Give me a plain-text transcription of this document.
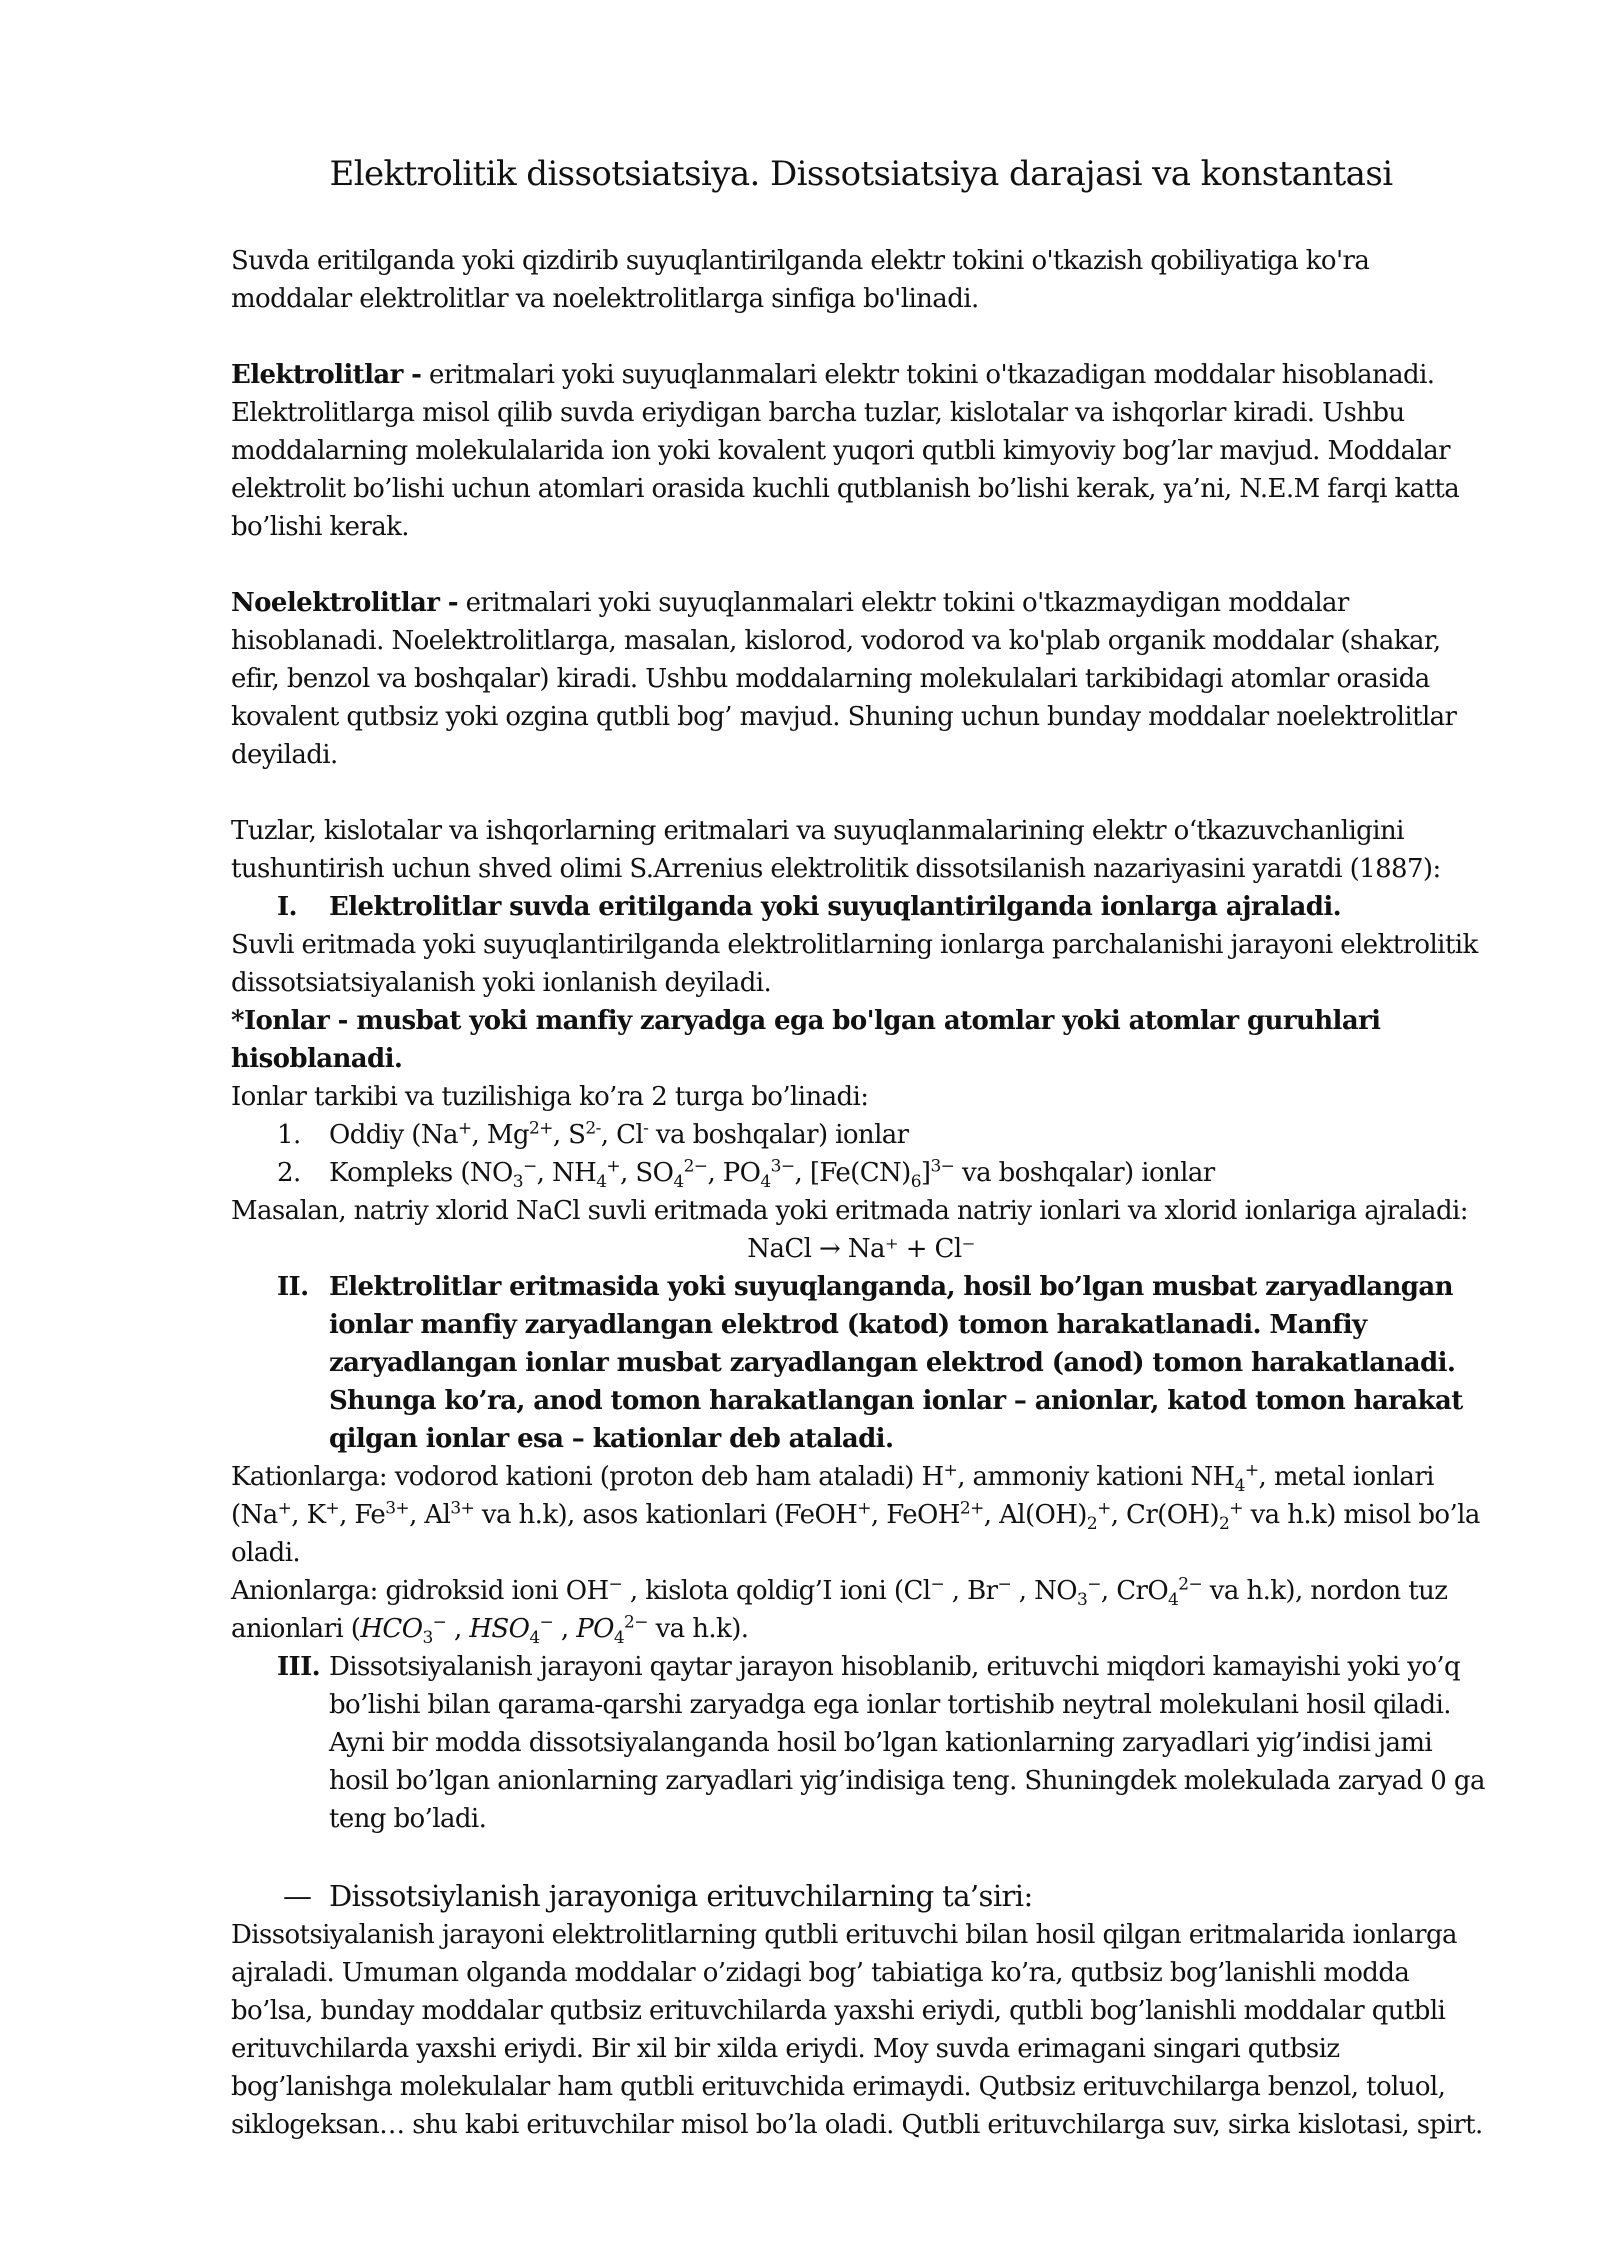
Elektrolitik dissotsiatsiya. Dissotsiatsiya darajasi va konstantasi

Suvda eritilganda yoki qizdirib suyuqlantirilganda elektr tokini o'tkazish qobiliyatiga ko'ra moddalar elektrolitlar va noelektrolitlarga sinfiga bo'linadi.

Elektrolitlar - eritmalari yoki suyuqlanmalari elektr tokini o'tkazadigan moddalar hisoblanadi. Elektrolitlarga misol qilib suvda eriydigan barcha tuzlar, kislotalar va ishqorlar kiradi. Ushbu moddalarning molekulalarida ion yoki kovalent yuqori qutbli kimyoviy bog’lar mavjud. Moddalar elektrolit bo’lishi uchun atomlari orasida kuchli qutblanish bo’lishi kerak, ya’ni, N.E.M farqi katta bo’lishi kerak.

Noelektrolitlar - eritmalari yoki suyuqlanmalari elektr tokini o'tkazmaydigan moddalar hisoblanadi. Noelektrolitlarga, masalan, kislorod, vodorod va ko'plab organik moddalar (shakar, efir, benzol va boshqalar) kiradi. Ushbu moddalarning molekulalari tarkibidagi atomlar orasida kovalent qutbsiz yoki ozgina qutbli bog’ mavjud. Shuning uchun bunday moddalar noelektrolitlar deyiladi.

Tuzlar, kislotalar va ishqorlarning eritmalari va suyuqlanmalarining elektr o‘tkazuvchanligini tushuntirish uchun shved olimi S.Arrenius elektrolitik dissotsilanish nazariyasini yaratdi (1887):

I.	Elektrolitlar suvda eritilganda yoki suyuqlantirilganda ionlarga ajraladi.

Suvli eritmada yoki suyuqlantirilganda elektrolitlarning ionlarga parchalanishi jarayoni elektrolitik dissotsiatsiyalanish yoki ionlanish deyiladi.

*Ionlar - musbat yoki manfiy zaryadga ega bo'lgan atomlar yoki atomlar guruhlari hisoblanadi.

Ionlar tarkibi va tuzilishiga ko’ra 2 turga bo’linadi:

1.	Oddiy (Na+, $Mg^{2+}$, $S^{2-}$, Cl- va boshqalar) ionlar
2.	Kompleks ($NO_3^-$, $NH_4^+$, $SO_4^{2-}$, $PO_4^{3-}$, $[Fe(CN)_6]^{3-}$ va boshqalar) ionlar

Masalan, natriy xlorid NaCl suvli eritmada yoki eritmada natriy ionlari va xlorid ionlariga ajraladi:

NaCl → Na⁺ + Cl⁻

II. Elektrolitlar eritmasida yoki suyuqlanganda, hosil bo’lgan musbat zaryadlangan ionlar manfiy zaryadlangan elektrod (katod) tomon harakatlanadi. Manfiy zaryadlangan ionlar musbat zaryadlangan elektrod (anod) tomon harakatlanadi. Shunga ko’ra, anod tomon harakatlangan ionlar – anionlar, katod tomon harakat qilgan ionlar esa – kationlar deb ataladi.

Kationlarga: vodorod kationi (proton deb ham ataladi) H+, ammoniy kationi $NH_4^+$, metal ionlari (Na+, K+, $Fe^{3+}$, $Al^{3+}$ va h.k), asos kationlari (FeOH+, FeOH$^{2+}$, $Al(OH)_2^+$, $Cr(OH)_2^+$ va h.k) misol bo’la oladi.

Anionlarga: gidroksid ioni OH− , kislota qoldig’I ioni (Cl− , Br− , $NO_3^-$, CrO$_4^{2-}$ va h.k), nordon tuz anionlari ($HCO_3^-$ , $HSO_4^-$ , $PO_4^{2-}$ va h.k).

III. Dissotsiyalanish jarayoni qaytar jarayon hisoblanib, erituvchi miqdori kamayishi yoki yo’q bo’lishi bilan qarama-qarshi zaryadga ega ionlar tortishib neytral molekulani hosil qiladi. Ayni bir modda dissotsiyalanganda hosil bo’lgan kationlarning zaryadlari yig’indisi jami hosil bo’lgan anionlarning zaryadlari yig’indisiga teng. Shuningdek molekulada zaryad 0 ga teng bo’ladi.
— Dissotsiylanish jarayoniga erituvchilarning ta’siri:

Dissotsiyalanish jarayoni elektrolitlarning qutbli erituvchi bilan hosil qilgan eritmalarida ionlarga ajraladi. Umuman olganda moddalar o’zidagi bog’ tabiatiga ko’ra, qutbsiz bog’lanishli modda bo’lsa, bunday moddalar qutbsiz erituvchilarda yaxshi eriydi, qutbli bog’lanishli moddalar qutbli erituvchilarda yaxshi eriydi. Bir xil bir xilda eriydi. Moy suvda erimagani singari qutbsiz bog’lanishga molekulalar ham qutbli erituvchida erimaydi. Qutbsiz erituvchilarga benzol, toluol, siklogeksan… shu kabi erituvchilar misol bo’la oladi. Qutbli erituvchilarga suv, sirka kislotasi, spirt.
